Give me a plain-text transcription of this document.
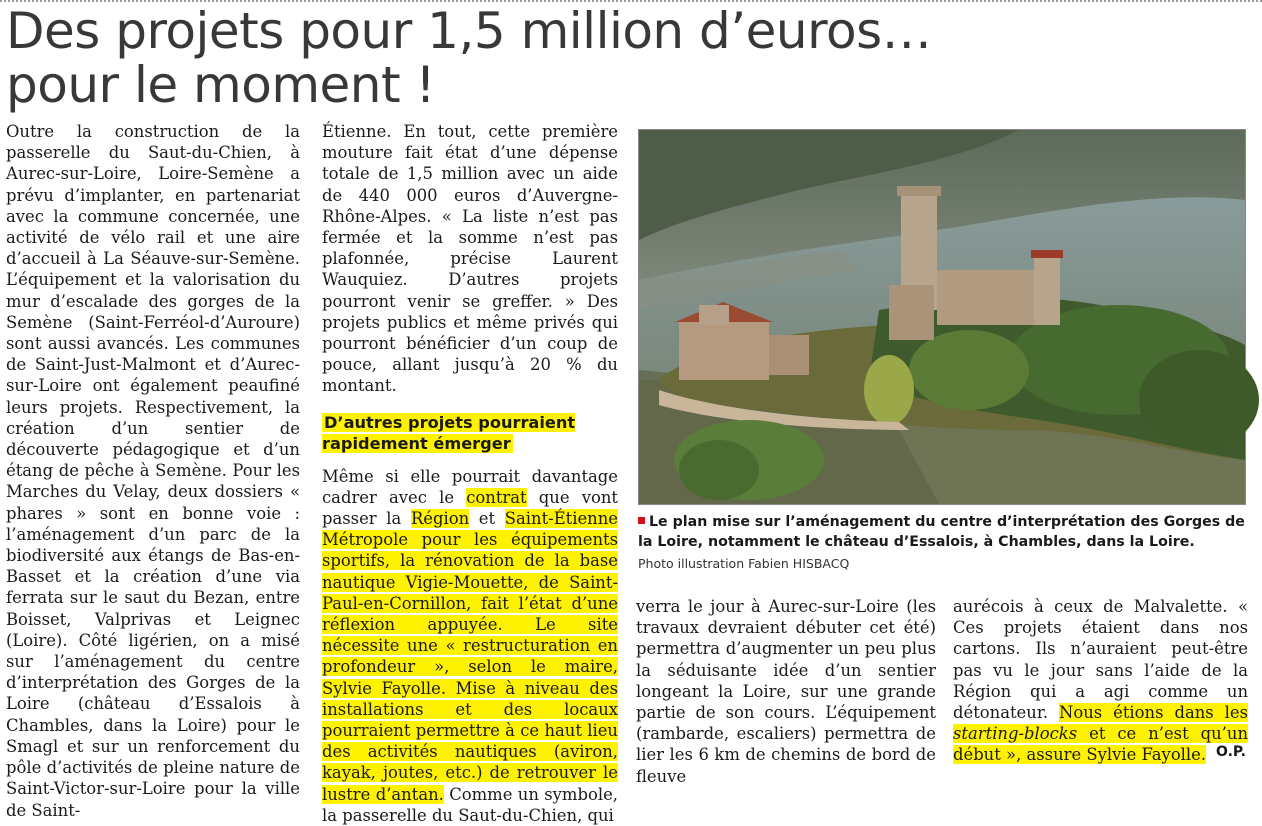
Des projets pour 1,5 million d’euros…
pour le moment !

Outre la construction de la passerelle du Saut-du-Chien, à Aurec-sur-Loire, Loire-Semène a prévu d’implanter, en partenariat avec la commune concernée, une activité de vélo rail et une aire d’accueil à La Séauve-sur-Semène. L’équipement et la valorisation du mur d’escalade des gorges de la Semène (Saint-Ferréol-d’Auroure) sont aussi avancés. Les communes de Saint-Just-Malmont et d’Aurec-sur-Loire ont également peaufiné leurs projets. Respectivement, la création d’un sentier de découverte pédagogique et d’un étang de pêche à Semène. Pour les Marches du Velay, deux dossiers « phares » sont en bonne voie : l’aménagement d’un parc de la biodiversité aux étangs de Bas-en-Basset et la création d’une via ferrata sur le saut du Bezan, entre Boisset, Valprivas et Leignec (Loire). Côté ligérien, on a misé sur l’aménagement du centre d’interprétation des Gorges de la Loire (château d’Essalois à Chambles, dans la Loire) pour le Smagl et sur un renforcement du pôle d’activités de pleine nature de Saint-Victor-sur-Loire pour la ville de Saint-

Étienne. En tout, cette première mouture fait état d’une dépense totale de 1,5 million avec un aide de 440 000 euros d’Auvergne-Rhône-Alpes. « La liste n’est pas fermée et la somme n’est pas plafonnée, précise Laurent Wauquiez. D’autres projets pourront venir se greffer. » Des projets publics et même privés qui pourront bénéficier d’un coup de pouce, allant jusqu’à 20 % du montant.

D’autres projets pourraient rapidement émerger

Même si elle pourrait davantage cadrer avec le contrat que vont passer la Région et Saint-Étienne Métropole pour les équipements sportifs, la rénovation de la base nautique Vigie-Mouette, de Saint-Paul-en-Cornillon, fait l’état d’une réflexion appuyée. Le site nécessite une « restructuration en profondeur », selon le maire, Sylvie Fayolle. Mise à niveau des installations et des locaux pourraient permettre à ce haut lieu des activités nautiques (aviron, kayak, joutes, etc.) de retrouver le lustre d’antan. Comme un symbole, la passerelle du Saut-du-Chien, qui

Le plan mise sur l’aménagement du centre d’interprétation des Gorges de la Loire, notamment le château d’Essalois, à Chambles, dans la Loire.
Photo illustration Fabien HISBACQ

verra le jour à Aurec-sur-Loire (les travaux devraient débuter cet été) permettra d’augmenter un peu plus la séduisante idée d’un sentier longeant la Loire, sur une grande partie de son cours. L’équipement (rambarde, escaliers) permettra de lier les 6 km de chemins de bord de fleuve

aurécois à ceux de Malvalette. « Ces projets étaient dans nos cartons. Ils n’auraient peut-être pas vu le jour sans l’aide de la Région qui a agi comme un détonateur. Nous étions dans les starting-blocks et ce n’est qu’un début », assure Sylvie Fayolle. O.P.
